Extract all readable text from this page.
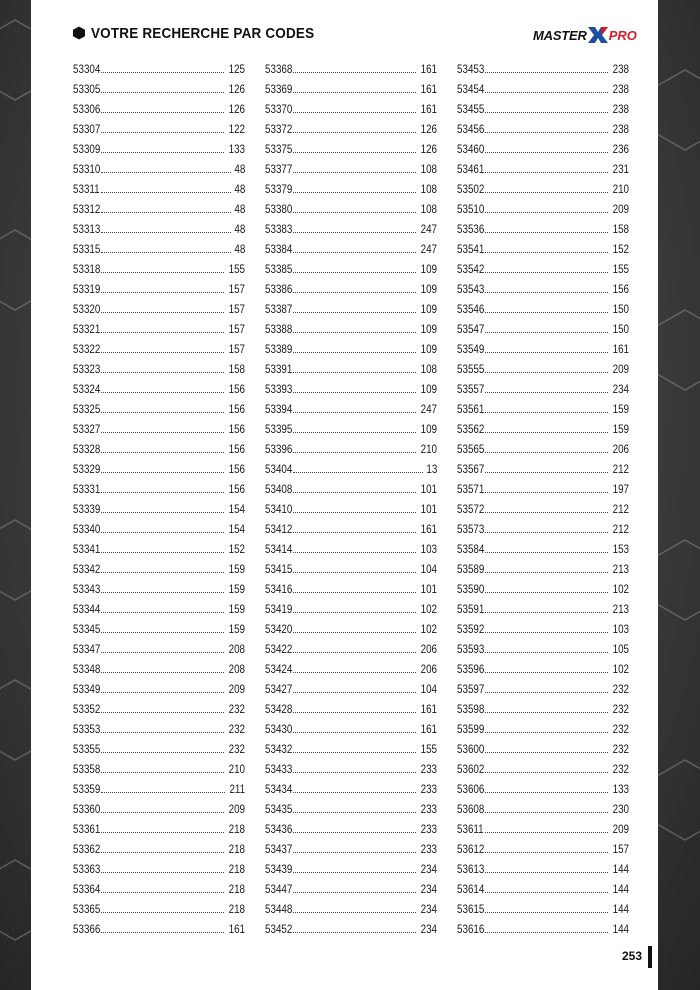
VOTRE RECHERCHE PAR CODES	MASTER PRO
53304	125
53305	126
53306	126
53307	122
53309	133
53310	48
53311	48
53312	48
53313	48
53315	48
53318	155
53319	157
53320	157
53321	157
53322	157
53323	158
53324	156
53325	156
53327	156
53328	156
53329	156
53331	156
53339	154
53340	154
53341	152
53342	159
53343	159
53344	159
53345	159
53347	208
53348	208
53349	209
53352	232
53353	232
53355	232
53358	210
53359	211
53360	209
53361	218
53362	218
53363	218
53364	218
53365	218
53366	161
53368	161
53369	161
53370	161
53372	126
53375	126
53377	108
53379	108
53380	108
53383	247
53384	247
53385	109
53386	109
53387	109
53388	109
53389	109
53391	108
53393	109
53394	247
53395	109
53396	210
53404	13
53408	101
53410	101
53412	161
53414	103
53415	104
53416	101
53419	102
53420	102
53422	206
53424	206
53427	104
53428	161
53430	161
53432	155
53433	233
53434	233
53435	233
53436	233
53437	233
53439	234
53447	234
53448	234
53452	234
53453	238
53454	238
53455	238
53456	238
53460	236
53461	231
53502	210
53510	209
53536	158
53541	152
53542	155
53543	156
53546	150
53547	150
53549	161
53555	209
53557	234
53561	159
53562	159
53565	206
53567	212
53571	197
53572	212
53573	212
53584	153
53589	213
53590	102
53591	213
53592	103
53593	105
53596	102
53597	232
53598	232
53599	232
53600	232
53602	232
53606	133
53608	230
53611	209
53612	157
53613	144
53614	144
53615	144
53616	144
253
